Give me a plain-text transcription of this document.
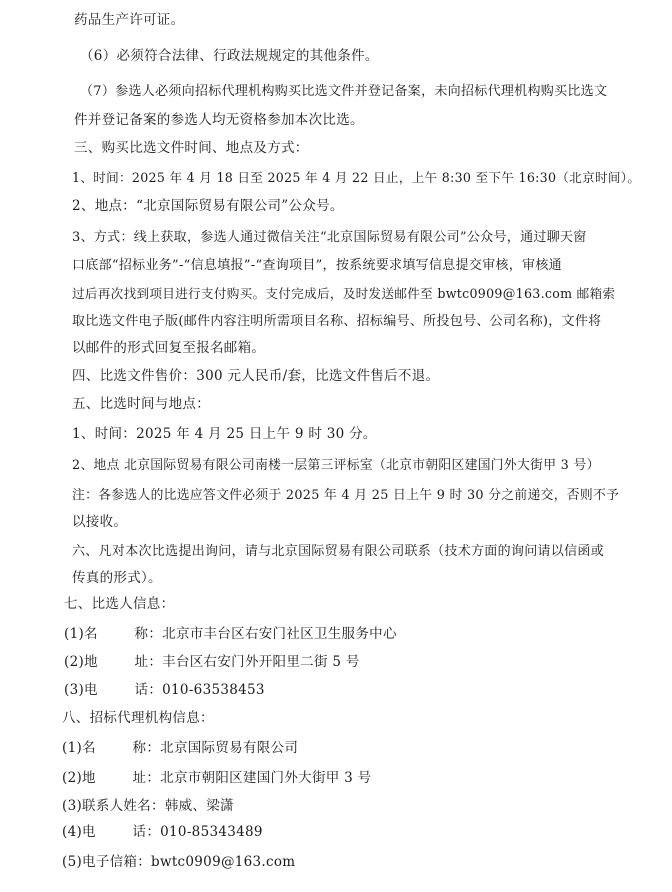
药品生产许可证。
（6）必须符合法律、行政法规规定的其他条件。
（7）参选人必须向招标代理机构购买比选文件并登记备案，未向招标代理机构购买比选文
件并登记备案的参选人均无资格参加本次比选。
三、购买比选文件时间、地点及方式：
1、时间：2025 年 4 月 18 日至 2025 年 4 月 22 日止，上午 8:30 至下午 16:30（北京时间）。
2、地点：“北京国际贸易有限公司”公众号。
3、方式：线上获取，参选人通过微信关注“北京国际贸易有限公司”公众号，通过聊天窗
口底部“招标业务”-“信息填报”-“查询项目”，按系统要求填写信息提交审核，审核通
过后再次找到项目进行支付购买。支付完成后，及时发送邮件至 bwtc0909@163.com 邮箱索
取比选文件电子版(邮件内容注明所需项目名称、招标编号、所投包号、公司名称)，文件将
以邮件的形式回复至报名邮箱。
四、比选文件售价：300 元人民币/套，比选文件售后不退。
五、比选时间与地点：
1、时间：2025 年 4 月 25 日上午 9 时 30 分。
2、地点 北京国际贸易有限公司南楼一层第三评标室（北京市朝阳区建国门外大街甲 3 号）
注：各参选人的比选应答文件必须于 2025 年 4 月 25 日上午 9 时 30 分之前递交，否则不予
以接收。
六、凡对本次比选提出询问，请与北京国际贸易有限公司联系（技术方面的询问请以信函或
传真的形式）。
七、比选人信息：
(1)名        称：北京市丰台区右安门社区卫生服务中心
(2)地        址：丰台区右安门外开阳里二街 5 号
(3)电        话：010-63538453
八、招标代理机构信息：
(1)名        称：北京国际贸易有限公司
(2)地        址：北京市朝阳区建国门外大街甲 3 号
(3)联系人姓名：韩威、梁潇
(4)电        话：010-85343489
(5)电子信箱：bwtc0909@163.com
